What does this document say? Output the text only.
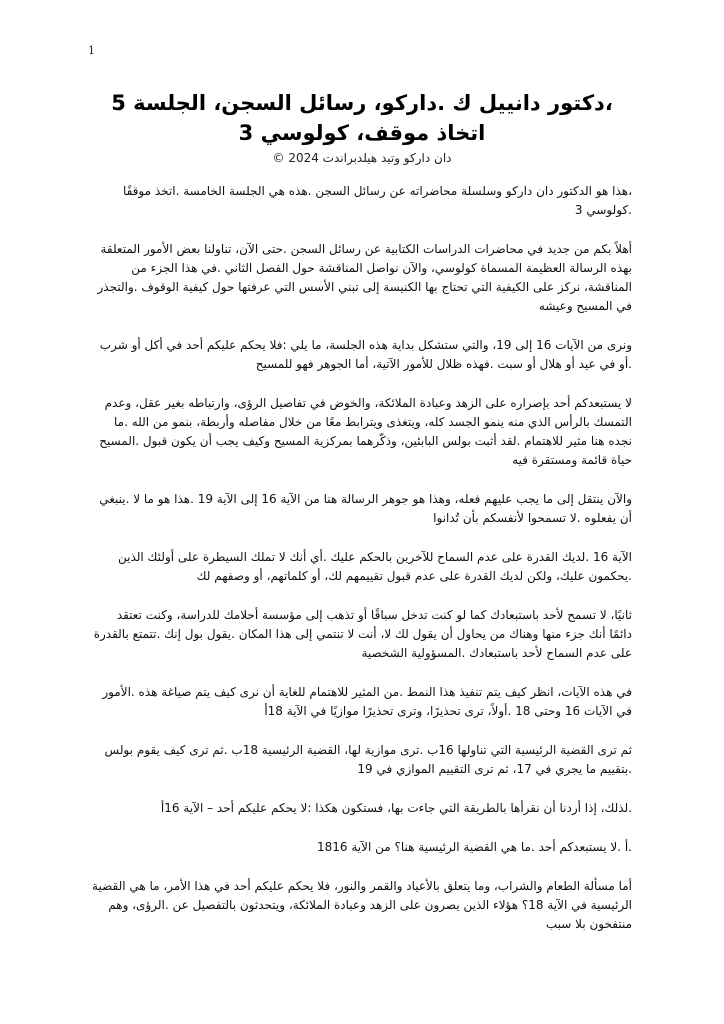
1
،دكتور دانييل ك .داركو، رسائل السجن، الجلسة 5
اتخاذ موقف، كولوسي 3
دان داركو وتيد هيلدبراندت 2024 ©

،هذا هو الدكتور دان داركو وسلسلة محاضراته عن رسائل السجن .هذه هي الجلسة الخامسة .اتخذ موقفًا .كولوسي 3

أهلاً بكم من جديد في محاضرات الدراسات الكتابية عن رسائل السجن .حتى الآن، تناولنا بعض الأمور المتعلقة بهذه الرسالة العظيمة المسماة كولوسي، والآن نواصل المناقشة حول الفصل الثاني .في هذا الجزء من المناقشة، نركز على الكيفية التي تحتاج بها الكنيسة إلى تبني الأسس التي عرفتها حول كيفية الوقوف .والتجذر في المسيح وعيشه

ونرى من الآيات 16 إلى 19، والتي ستشكل بداية هذه الجلسة، ما يلي :فلا يحكم عليكم أحد في أكل أو شرب .أو في عيد أو هلال أو سبت .فهذه ظلال للأمور الآتية، أما الجوهر فهو للمسيح

لا يستبعدكم أحد بإصراره على الزهد وعبادة الملائكة، والخوض في تفاصيل الرؤى، وارتباطه بغير عقل، وعدم التمسك بالرأس الذي منه ينمو الجسد كله، ويتغذى ويترابط معًا من خلال مفاصله وأربطة، بنمو من الله .ما نجده هنا مثير للاهتمام .لقد أثبت بولس البابئين، وذكّرهما بمركزية المسيح وكيف يجب أن يكون قبول .المسيح حياة قائمة ومستقرة فيه

والآن ينتقل إلى ما يجب عليهم فعله، وهذا هو جوهر الرسالة هنا من الآية 16 إلى الآية 19 .هذا هو ما لا .ينبغي أن يفعلوه .لا تسمحوا لأنفسكم بأن تُدانوا

الآية 16 .لديك القدرة على عدم السماح للآخرين بالحكم عليك .أي أنك لا تملك السيطرة على أولئك الذين .يحكمون عليك، ولكن لديك القدرة على عدم قبول تقييمهم لك، أو كلماتهم، أو وصفهم لك

ثانيًا، لا تسمح لأحد باستبعادك كما لو كنت تدخل سباقًا أو تذهب إلى مؤسسة أحلامك للدراسة، وكنت تعتقد دائمًا أنك جزء منها وهناك من يحاول أن يقول لك لا، أنت لا تنتمي إلى هذا المكان .يقول بول إنك .تتمتع بالقدرة على عدم السماح لأحد باستبعادك .المسؤولية الشخصية

في هذه الآيات، انظر كيف يتم تنفيذ هذا النمط .من المثير للاهتمام للغاية أن نرى كيف يتم صياغة هذه .الأمور في الآيات 16 وحتى 18 .أولاً، ترى تحذيرًا، وترى تحذيرًا موازيًا في الآية 18أ

ثم ترى القضية الرئيسية التي تناولها 16ب .ترى موازية لها، القضية الرئيسية 18ب .ثم ترى كيف يقوم بولس .بتقييم ما يجري في 17، ثم ترى التقييم الموازي في 19

.لذلك، إذا أردنا أن نقرأها بالطريقة التي جاءت بها، فستكون هكذا :لا يحكم عليكم أحد – الآية 16أ

.أ .لا يستبعدكم أحد .ما هي القضية الرئيسية هنا؟ من الآية 1816

أما مسألة الطعام والشراب، وما يتعلق بالأعياد والقمر والنور، فلا يحكم عليكم أحد في هذا الأمر، ما هي القضية الرئيسية في الآية 18؟ هؤلاء الذين يصرون على الزهد وعبادة الملائكة، ويتحدثون بالتفصيل عن .الرؤى، وهم منتفخون بلا سبب
